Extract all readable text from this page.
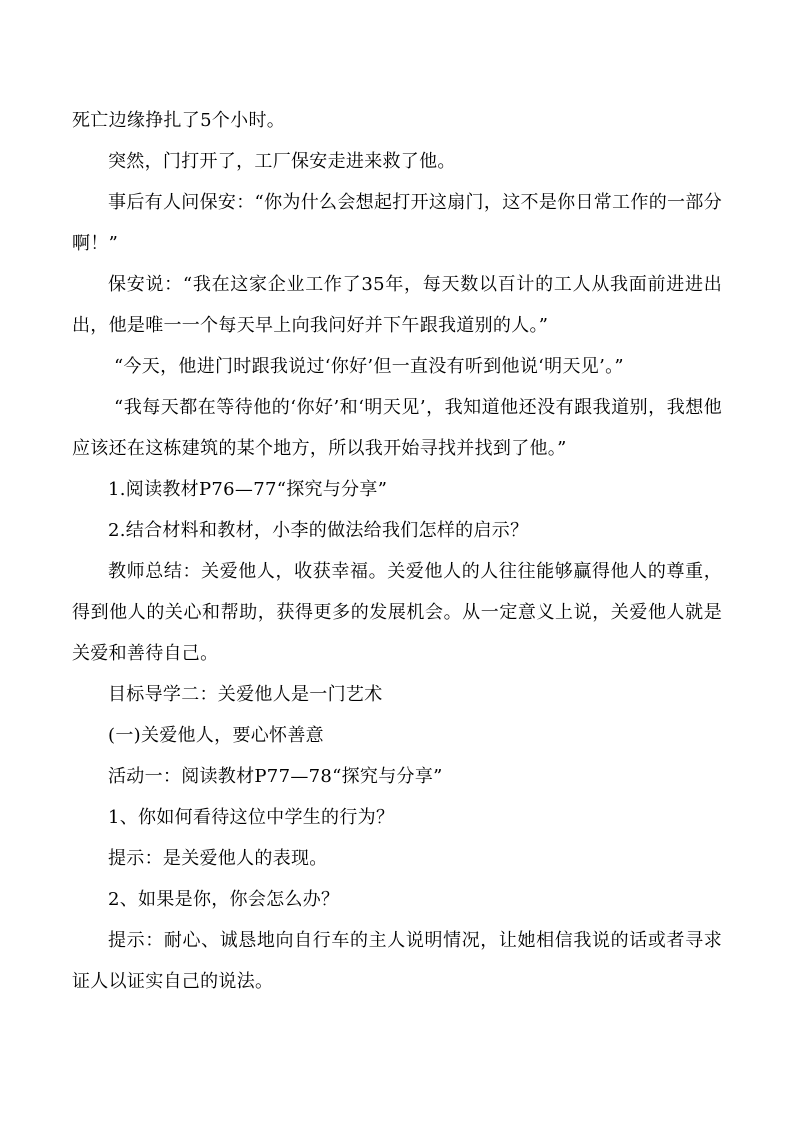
死亡边缘挣扎了5个小时。

突然，门打开了，工厂保安走进来救了他。

事后有人问保安：“你为什么会想起打开这扇门，这不是你日常工作的一部分啊！”

保安说：“我在这家企业工作了35年，每天数以百计的工人从我面前进进出出，他是唯一一个每天早上向我问好并下午跟我道别的人。”

“今天，他进门时跟我说过‘你好’但一直没有听到他说‘明天见’。”

“我每天都在等待他的‘你好’和‘明天见’，我知道他还没有跟我道别，我想他应该还在这栋建筑的某个地方，所以我开始寻找并找到了他。”

1.阅读教材P76—77“探究与分享”

2.结合材料和教材，小李的做法给我们怎样的启示？

教师总结：关爱他人，收获幸福。关爱他人的人往往能够赢得他人的尊重，得到他人的关心和帮助，获得更多的发展机会。从一定意义上说，关爱他人就是关爱和善待自己。

目标导学二：关爱他人是一门艺术

(一)关爱他人，要心怀善意

活动一：阅读教材P77—78“探究与分享”

1、你如何看待这位中学生的行为？

提示：是关爱他人的表现。

2、如果是你，你会怎么办？

提示：耐心、诚恳地向自行车的主人说明情况，让她相信我说的话或者寻求证人以证实自己的说法。
